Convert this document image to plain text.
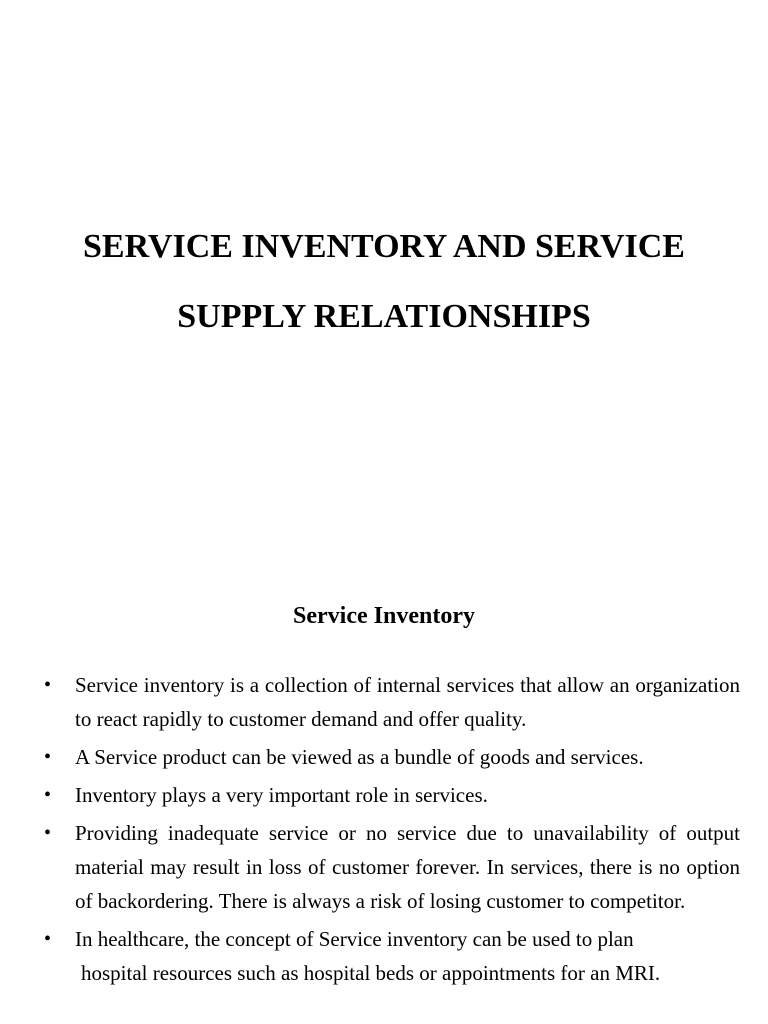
SERVICE INVENTORY AND SERVICE
SUPPLY RELATIONSHIPS
Service Inventory
• Service inventory is a collection of internal services that allow an organization to react rapidly to customer demand and offer quality.
• A Service product can be viewed as a bundle of goods and services.
• Inventory plays a very important role in services.
• Providing inadequate service or no service due to unavailability of output material may result in loss of customer forever. In services, there is no option of backordering. There is always a risk of losing customer to competitor.
• In healthcare, the concept of Service inventory can be used to plan
hospital resources such as hospital beds or appointments for an MRI.
